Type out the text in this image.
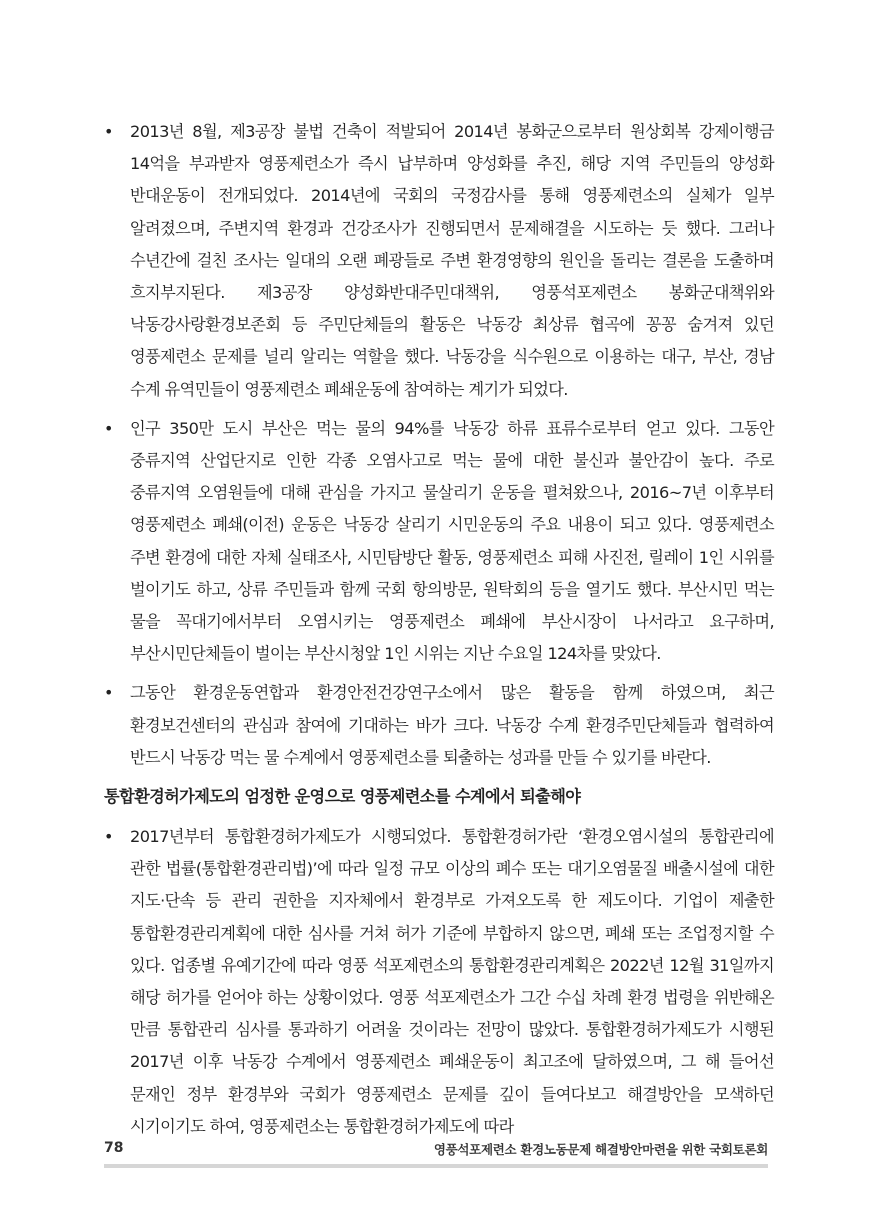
• 2013년 8월, 제3공장 불법 건축이 적발되어 2014년 봉화군으로부터 원상회복 강제이행금 14억을 부과받자 영풍제련소가 즉시 납부하며 양성화를 추진, 해당 지역 주민들의 양성화 반대운동이 전개되었다. 2014년에 국회의 국정감사를 통해 영풍제련소의 실체가 일부 알려졌으며, 주변지역 환경과 건강조사가 진행되면서 문제해결을 시도하는 듯 했다. 그러나 수년간에 걸친 조사는 일대의 오랜 폐광들로 주변 환경영향의 원인을 돌리는 결론을 도출하며 흐지부지된다. 제3공장 양성화반대주민대책위, 영풍석포제련소 봉화군대책위와 낙동강사랑환경보존회 등 주민단체들의 활동은 낙동강 최상류 협곡에 꽁꽁 숨겨져 있던 영풍제련소 문제를 널리 알리는 역할을 했다. 낙동강을 식수원으로 이용하는 대구, 부산, 경남 수계 유역민들이 영풍제련소 폐쇄운동에 참여하는 계기가 되었다.
• 인구 350만 도시 부산은 먹는 물의 94%를 낙동강 하류 표류수로부터 얻고 있다. 그동안 중류지역 산업단지로 인한 각종 오염사고로 먹는 물에 대한 불신과 불안감이 높다. 주로 중류지역 오염원들에 대해 관심을 가지고 물살리기 운동을 펼쳐왔으나, 2016~7년 이후부터 영풍제련소 폐쇄(이전) 운동은 낙동강 살리기 시민운동의 주요 내용이 되고 있다. 영풍제련소 주변 환경에 대한 자체 실태조사, 시민탐방단 활동, 영풍제련소 피해 사진전, 릴레이 1인 시위를 벌이기도 하고, 상류 주민들과 함께 국회 항의방문, 원탁회의 등을 열기도 했다. 부산시민 먹는 물을 꼭대기에서부터 오염시키는 영풍제련소 폐쇄에 부산시장이 나서라고 요구하며, 부산시민단체들이 벌이는 부산시청앞 1인 시위는 지난 수요일 124차를 맞았다.
• 그동안 환경운동연합과 환경안전건강연구소에서 많은 활동을 함께 하였으며, 최근 환경보건센터의 관심과 참여에 기대하는 바가 크다. 낙동강 수계 환경주민단체들과 협력하여 반드시 낙동강 먹는 물 수계에서 영풍제련소를 퇴출하는 성과를 만들 수 있기를 바란다.
통합환경허가제도의 엄정한 운영으로 영풍제련소를 수계에서 퇴출해야
• 2017년부터 통합환경허가제도가 시행되었다. 통합환경허가란 ‘환경오염시설의 통합관리에 관한 법률(통합환경관리법)’에 따라 일정 규모 이상의 폐수 또는 대기오염물질 배출시설에 대한 지도·단속 등 관리 권한을 지자체에서 환경부로 가져오도록 한 제도이다. 기업이 제출한 통합환경관리계획에 대한 심사를 거쳐 허가 기준에 부합하지 않으면, 폐쇄 또는 조업정지할 수 있다. 업종별 유예기간에 따라 영풍 석포제련소의 통합환경관리계획은 2022년 12월 31일까지 해당 허가를 얻어야 하는 상황이었다. 영풍 석포제련소가 그간 수십 차례 환경 법령을 위반해온 만큼 통합관리 심사를 통과하기 어려울 것이라는 전망이 많았다. 통합환경허가제도가 시행된 2017년 이후 낙동강 수계에서 영풍제련소 폐쇄운동이 최고조에 달하였으며, 그 해 들어선 문재인 정부 환경부와 국회가 영풍제련소 문제를 깊이 들여다보고 해결방안을 모색하던 시기이기도 하여, 영풍제련소는 통합환경허가제도에 따라
78	영풍석포제련소 환경노동문제 해결방안마련을 위한 국회토론회
